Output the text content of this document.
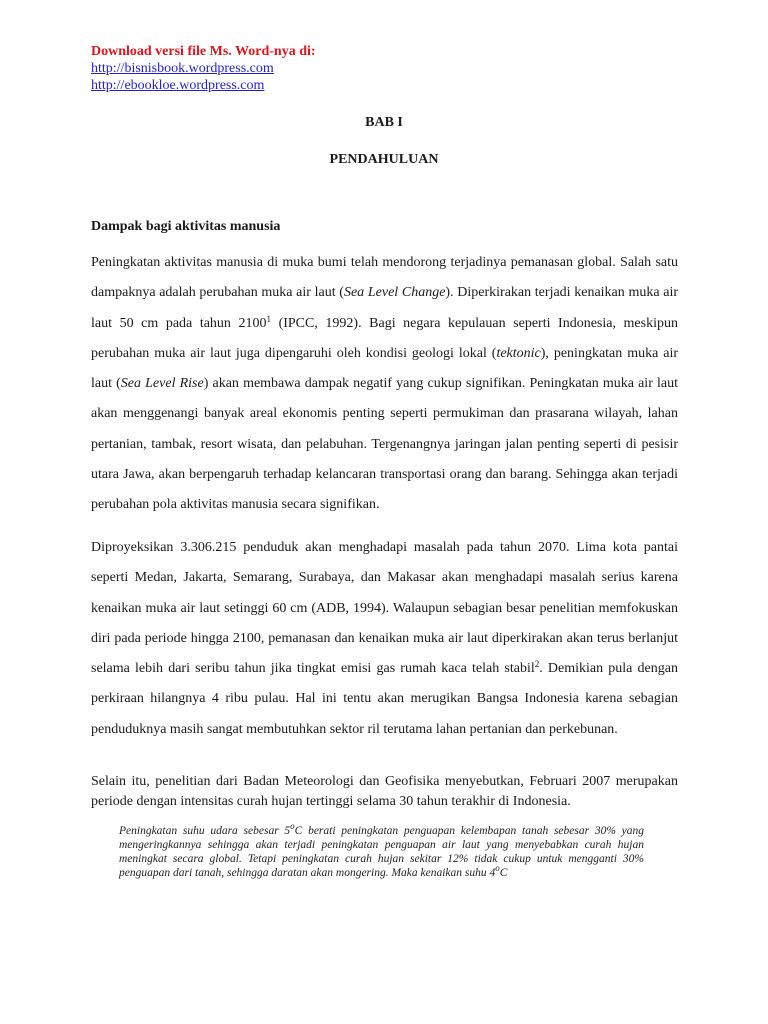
Download versi file Ms. Word-nya di:
http://bisnisbook.wordpress.com
http://ebookloe.wordpress.com
BAB I
PENDAHULUAN
Dampak bagi aktivitas manusia

Peningkatan aktivitas manusia di muka bumi telah mendorong terjadinya pemanasan global. Salah satu dampaknya adalah perubahan muka air laut (Sea Level Change). Diperkirakan terjadi kenaikan muka air laut 50 cm pada tahun 2100$^1$ (IPCC, 1992). Bagi negara kepulauan seperti Indonesia, meskipun perubahan muka air laut juga dipengaruhi oleh kondisi geologi lokal (tektonic), peningkatan muka air laut (Sea Level Rise) akan membawa dampak negatif yang cukup signifikan. Peningkatan muka air laut akan menggenangi banyak areal ekonomis penting seperti permukiman dan prasarana wilayah, lahan pertanian, tambak, resort wisata, dan pelabuhan. Tergenangnya jaringan jalan penting seperti di pesisir utara Jawa, akan berpengaruh terhadap kelancaran transportasi orang dan barang. Sehingga akan terjadi perubahan pola aktivitas manusia secara signifikan.

Diproyeksikan 3.306.215 penduduk akan menghadapi masalah pada tahun 2070. Lima kota pantai seperti Medan, Jakarta, Semarang, Surabaya, dan Makasar akan menghadapi masalah serius karena kenaikan muka air laut setinggi 60 cm (ADB, 1994). Walaupun sebagian besar penelitian memfokuskan diri pada periode hingga 2100, pemanasan dan kenaikan muka air laut diperkirakan akan terus berlanjut selama lebih dari seribu tahun jika tingkat emisi gas rumah kaca telah stabil$^2$. Demikian pula dengan perkiraan hilangnya 4 ribu pulau. Hal ini tentu akan merugikan Bangsa Indonesia karena sebagian penduduknya masih sangat membutuhkan sektor ril terutama lahan pertanian dan perkebunan.

Selain itu, penelitian dari Badan Meteorologi dan Geofisika menyebutkan, Februari 2007 merupakan periode dengan intensitas curah hujan tertinggi selama 30 tahun terakhir di Indonesia.

Peningkatan suhu udara sebesar 5$^o$C berati peningkatan penguapan kelembapan tanah sebesar 30% yang mengeringkannya sehingga akan terjadi peningkatan penguapan air laut yang menyebabkan curah hujan meningkat secara global. Tetapi peningkatan curah hujan sekitar 12% tidak cukup untuk mengganti 30% penguapan dari tanah, sehingga daratan akan mongering. Maka kenaikan suhu 4$^o$C
